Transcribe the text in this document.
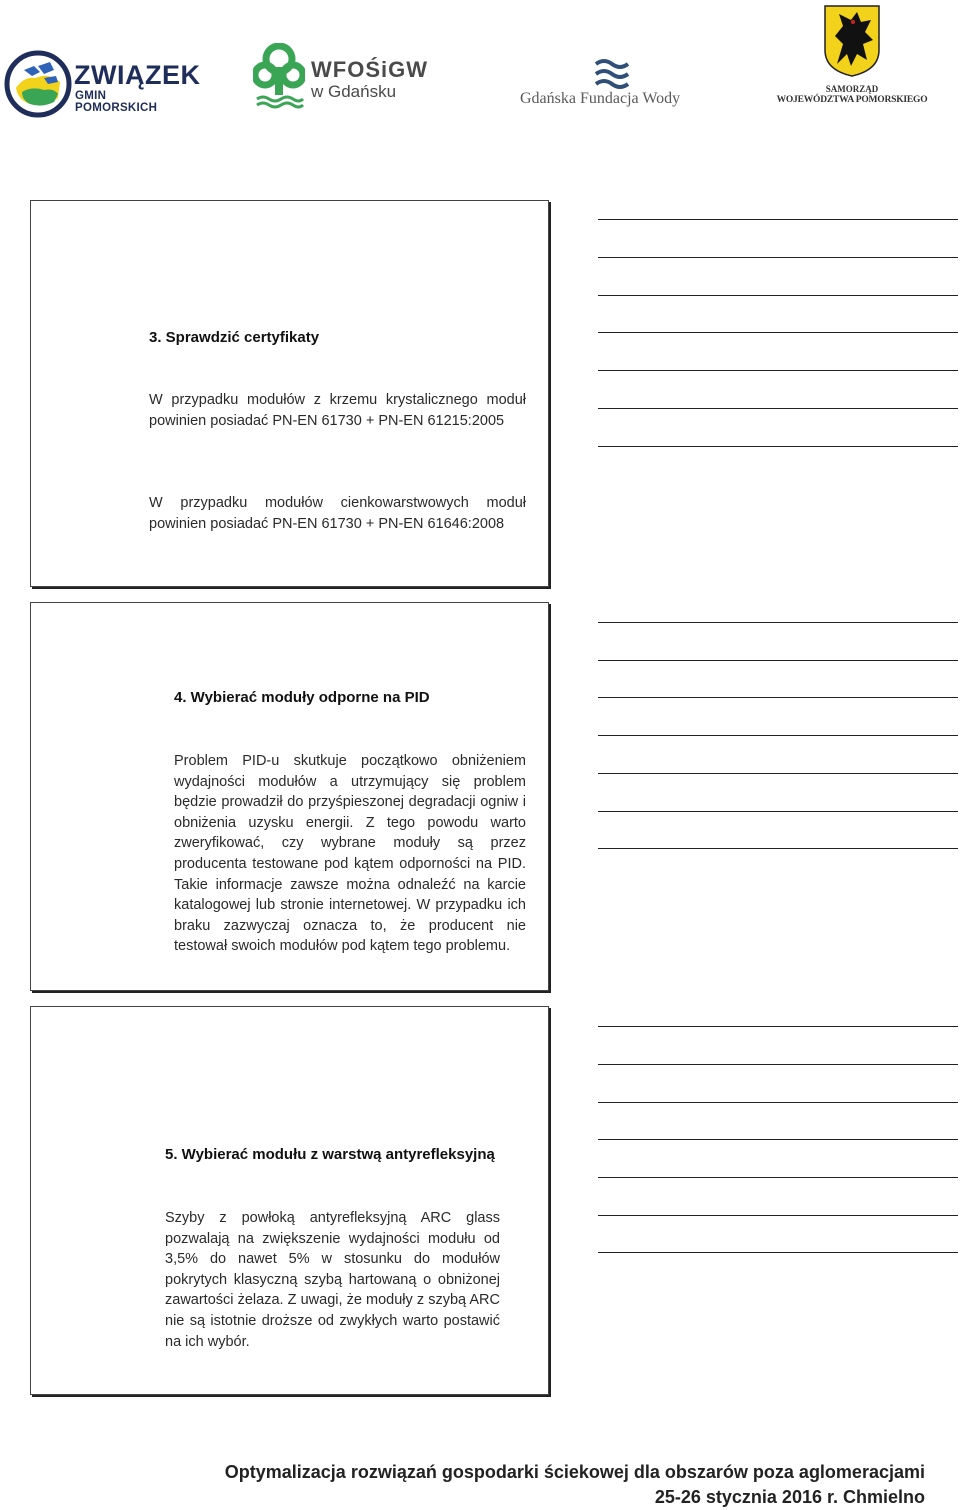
ZWIĄZEK
GMIN POMORSKICH
WFOŚiGW
w Gdańsku	Gdańska Fundacja Wody
SAMORZĄD
WOJEWÓDZTWA POMORSKIEGO
3. Sprawdzić certyfikaty

W przypadku modułów z krzemu krystalicznego moduł powinien posiadać PN-EN 61730 + PN-EN 61215:2005

W przypadku modułów cienkowarstwowych moduł powinien posiadać PN-EN 61730 + PN-EN 61646:2008

4. Wybierać moduły odporne na PID

Problem PID-u skutkuje początkowo obniżeniem wydajności modułów a utrzymujący się problem będzie prowadził do przyśpieszonej degradacji ogniw i obniżenia uzysku energii. Z tego powodu warto zweryfikować, czy wybrane moduły są przez producenta testowane pod kątem odporności na PID. Takie informacje zawsze można odnaleźć na karcie katalogowej lub stronie internetowej. W przypadku ich braku zazwyczaj oznacza to, że producent nie testował swoich modułów pod kątem tego problemu.

5. Wybierać modułu z warstwą antyrefleksyjną

Szyby z powłoką antyrefleksyjną ARC glass pozwalają na zwiększenie wydajności modułu od 3,5% do nawet 5% w stosunku do modułów pokrytych klasyczną szybą hartowaną o obniżonej zawartości żelaza. Z uwagi, że moduły z szybą ARC nie są istotnie droższe od zwykłych warto postawić na ich wybór.

Optymalizacja rozwiązań gospodarki ściekowej dla obszarów poza aglomeracjami
25-26 stycznia 2016 r. Chmielno
